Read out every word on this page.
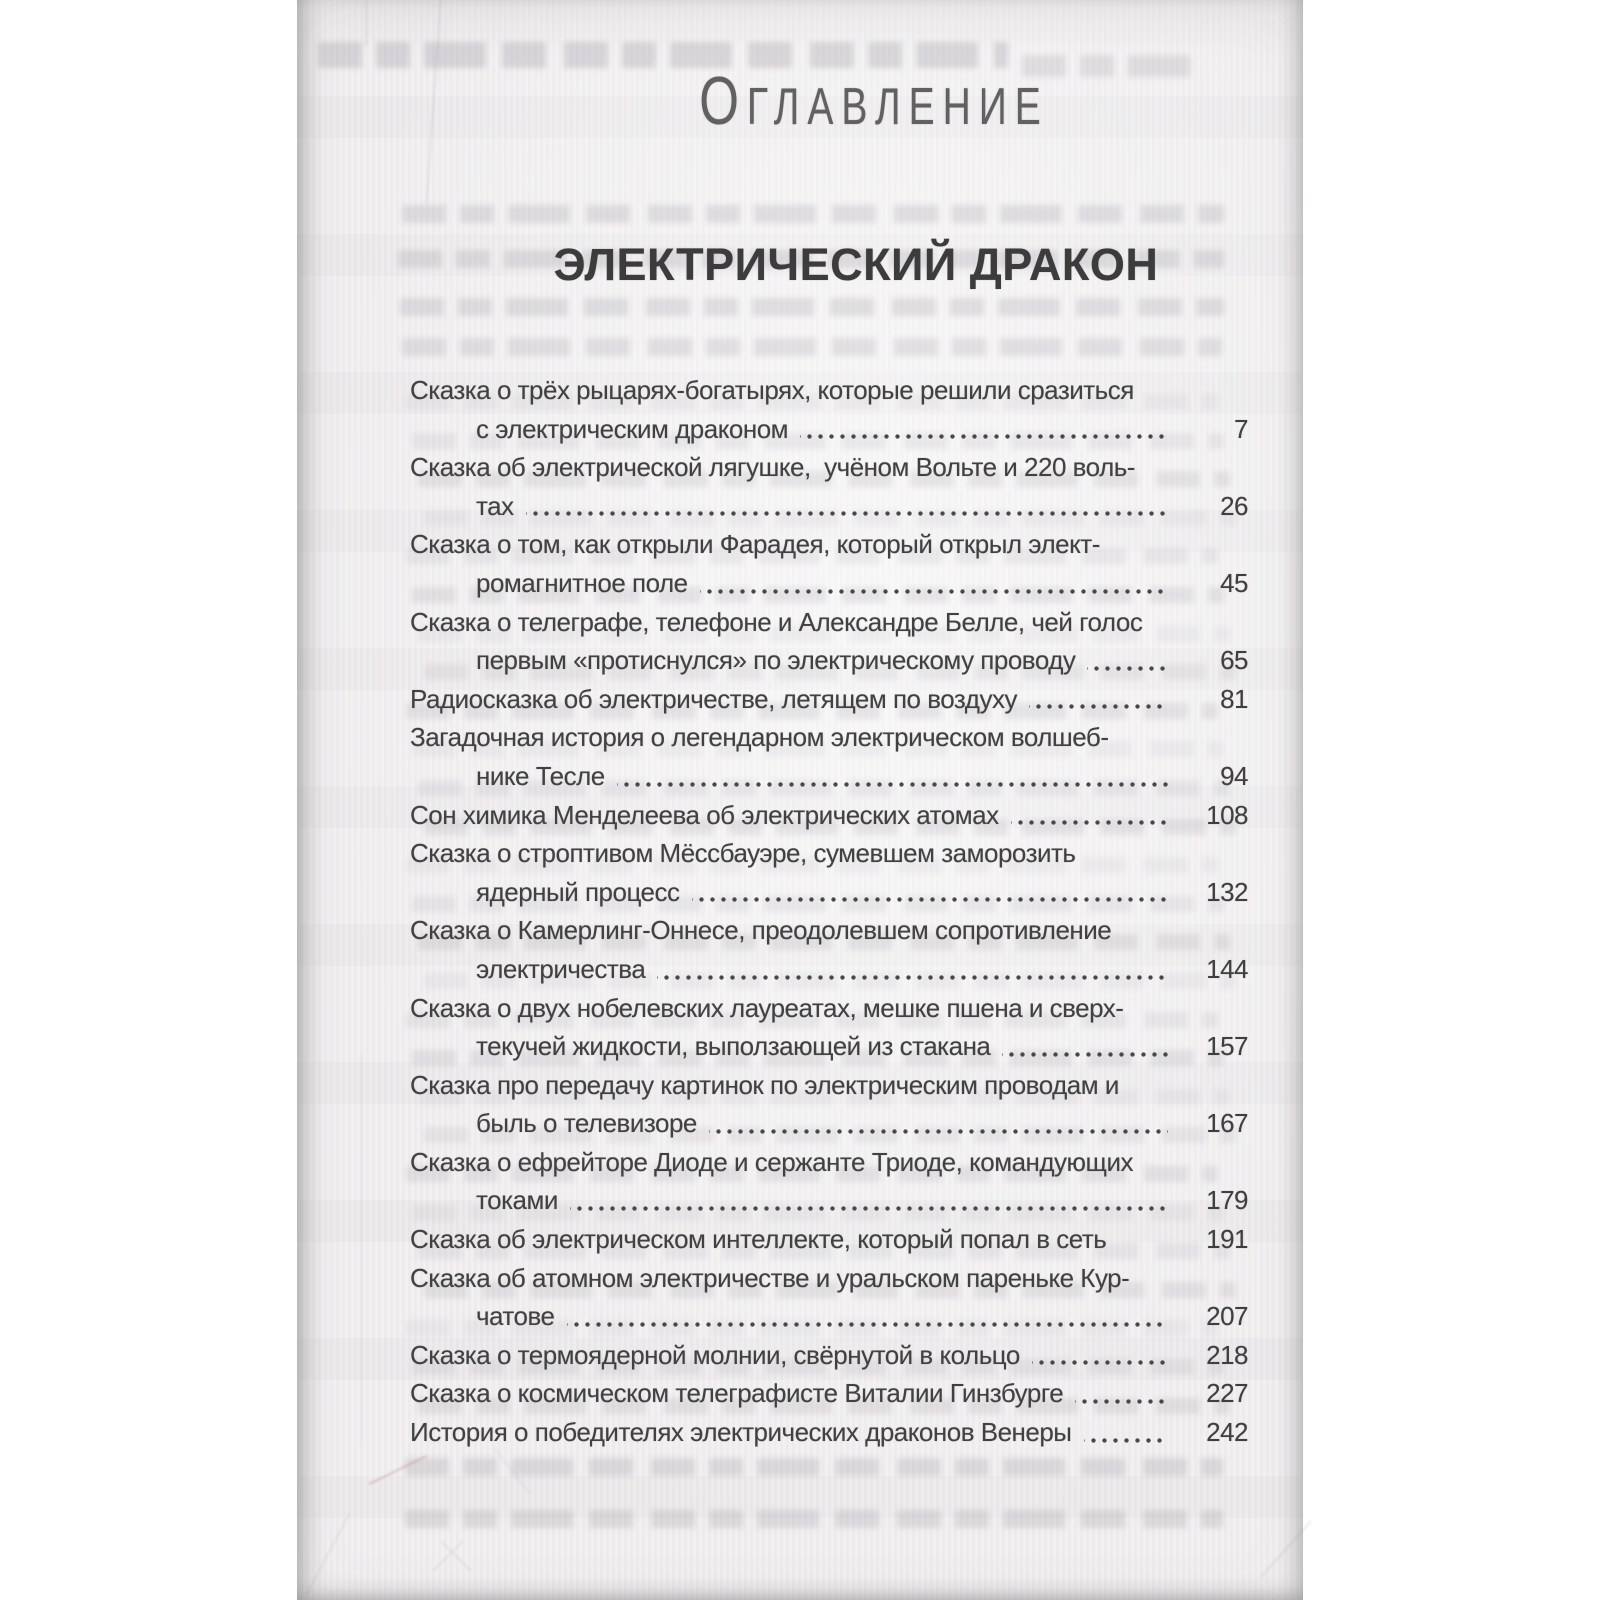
ОГЛАВЛЕНИЕ
ЭЛЕКТРИЧЕСКИЙ ДРАКОН
Сказка о трёх рыцарях-богатырях, которые решили сразиться
с электрическим драконом	7
Сказка об электрической лягушке,  учёном Вольте и 220 воль-
тах	26
Сказка о том, как открыли Фарадея, который открыл элект-
ромагнитное поле	45
Сказка о телеграфе, телефоне и Александре Белле, чей голос
первым «протиснулся» по электрическому проводу	65
Радиосказка об электричестве, летящем по воздуху	81
Загадочная история о легендарном электрическом волшеб-
нике Тесле	94
Сон химика Менделеева об электрических атомах	108
Сказка о строптивом Мёссбауэре, сумевшем заморозить
ядерный процесс	132
Сказка о Камерлинг-Оннесе, преодолевшем сопротивление
электричества	144
Сказка о двух нобелевских лауреатах, мешке пшена и сверх-
текучей жидкости, выползающей из стакана	157
Сказка про передачу картинок по электрическим проводам и
быль о телевизоре	167
Сказка о ефрейторе Диоде и сержанте Триоде, командующих
токами	179
Сказка об электрическом интеллекте, который попал в сеть	191
Сказка об атомном электричестве и уральском пареньке Кур-
чатове	207
Сказка о термоядерной молнии, свёрнутой в кольцо	218
Сказка о космическом телеграфисте Виталии Гинзбурге	227
История о победителях электрических драконов Венеры	242
